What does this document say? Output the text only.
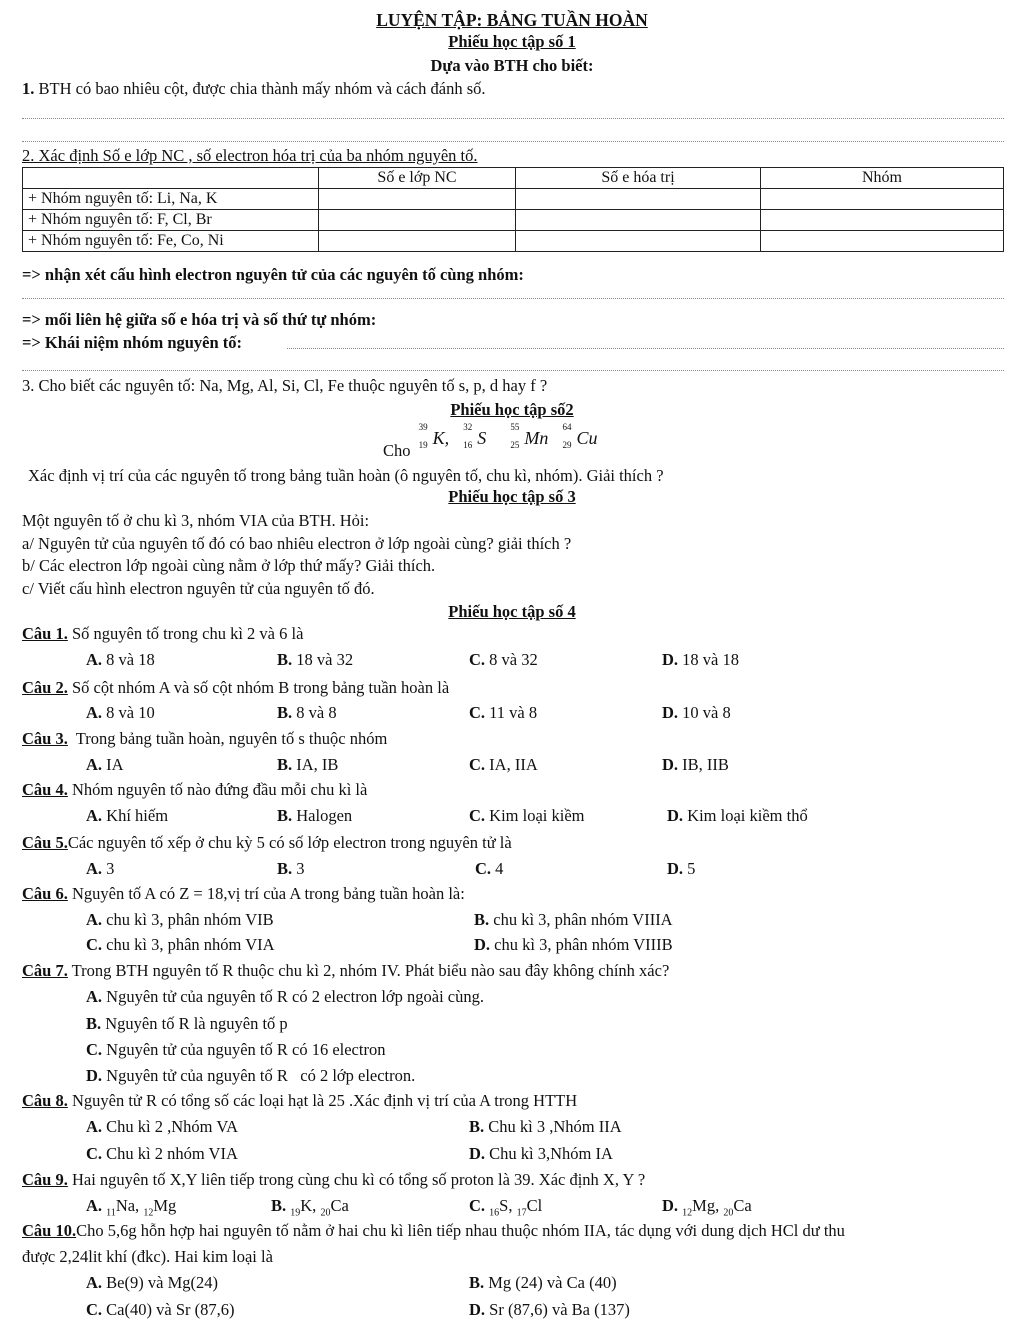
LUYỆN TẬP: BẢNG TUẦN HOÀN
Phiếu học tập số 1
Dựa vào BTH cho biết:
1. BTH có bao nhiêu cột, được chia thành mấy nhóm và cách đánh số.
2. Xác định Số e lớp NC , số electron hóa trị của ba nhóm nguyên tố.
	Số e lớp NC	Số e hóa trị	Nhóm
+ Nhóm nguyên tố: Li, Na, K			
+ Nhóm nguyên tố: F, Cl, Br			
+ Nhóm nguyên tố: Fe, Co, Ni			
=> nhận xét cấu hình electron nguyên tử của các nguyên tố cùng nhóm:
=> mối liên hệ giữa số e hóa trị và số thứ tự nhóm:
=> Khái niệm nhóm nguyên tố:
3. Cho biết các nguyên tố: Na, Mg, Al, Si, Cl, Fe thuộc nguyên tố s, p, d hay f ?
Phiếu học tập số2
Cho
39
19 K,
32
16 S
55
25 Mn
64
29 Cu
Xác định vị trí của các nguyên tố trong bảng tuần hoàn (ô nguyên tố, chu kì, nhóm). Giải thích ?
Phiếu học tập số 3
Một nguyên tố ở chu kì 3, nhóm VIA của BTH. Hỏi:
a/ Nguyên tử của nguyên tố đó có bao nhiêu electron ở lớp ngoài cùng? giải thích ?
b/ Các electron lớp ngoài cùng nằm ở lớp thứ mấy? Giải thích.
c/ Viết cấu hình electron nguyên tử của nguyên tố đó.
Phiếu học tập số 4
Câu 1. Số nguyên tố trong chu kì 2 và 6 là
A. 8 và 18	B. 18 và 32	C. 8 và 32	D. 18 và 18
Câu 2. Số cột nhóm A và số cột nhóm B trong bảng tuần hoàn là
A. 8 và 10	B. 8 và 8	C. 11 và 8	D. 10 và 8
Câu 3.  Trong bảng tuần hoàn, nguyên tố s thuộc nhóm
A. IA	B. IA, IB	C. IA, IIA	D. IB, IIB
Câu 4. Nhóm nguyên tố nào đứng đầu mỗi chu kì là
A. Khí hiếm	B. Halogen	C. Kim loại kiềm	D. Kim loại kiềm thổ
Câu 5.Các nguyên tố xếp ở chu kỳ 5 có số lớp electron trong nguyên tử là
A. 3	B. 3	C. 4	D. 5
Câu 6. Nguyên tố A có Z = 18,vị trí của A trong bảng tuần hoàn là:
A. chu kì 3, phân nhóm VIB	B. chu kì 3, phân nhóm VIIIA
C. chu kì 3, phân nhóm VIA	D. chu kì 3, phân nhóm VIIIB
Câu 7. Trong BTH nguyên tố R thuộc chu kì 2, nhóm IV. Phát biểu nào sau đây không chính xác?
A. Nguyên tử của nguyên tố R có 2 electron lớp ngoài cùng.
B. Nguyên tố R là nguyên tố p
C. Nguyên tử của nguyên tố R có 16 electron
D. Nguyên tử của nguyên tố R   có 2 lớp electron.
Câu 8. Nguyên tử R có tổng số các loại hạt là 25 .Xác định vị trí của A trong HTTH
A. Chu kì 2 ,Nhóm VA	B. Chu kì 3 ,Nhóm IIA
C. Chu kì 2 nhóm VIA	D. Chu kì 3,Nhóm IA
Câu 9. Hai nguyên tố X,Y liên tiếp trong cùng chu kì có tổng số proton là 39. Xác định X, Y ?
A. $_{11}$Na, $_{12}$Mg	B. $_{19}$K, $_{20}$Ca	C. $_{16}$S, $_{17}$Cl	D. $_{12}$Mg, $_{20}$Ca
Câu 10.Cho 5,6g hỗn hợp hai nguyên tố nằm ở hai chu kì liên tiếp nhau thuộc nhóm IIA, tác dụng với dung dịch HCl dư thu
được 2,24lit khí (đkc). Hai kim loại là
A. Be(9) và Mg(24)	B. Mg (24) và Ca (40)
C. Ca(40) và Sr (87,6)	D. Sr (87,6) và Ba (137)
